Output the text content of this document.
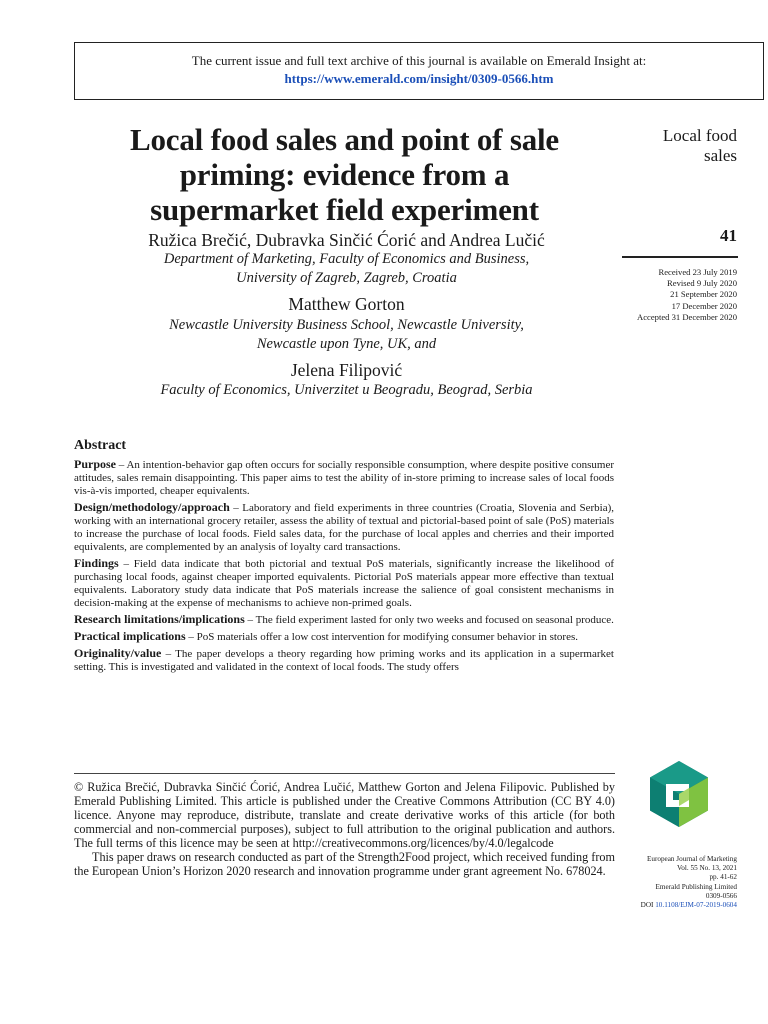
The current issue and full text archive of this journal is available on Emerald Insight at:
https://www.emerald.com/insight/0309-0566.htm
Local food sales and point of sale
priming: evidence from a
supermarket field experiment
Ružica Brečić, Dubravka Sinčić Ćorić and Andrea Lučić
Department of Marketing, Faculty of Economics and Business,
University of Zagreb, Zagreb, Croatia
Matthew Gorton
Newcastle University Business School, Newcastle University,
Newcastle upon Tyne, UK, and
Jelena Filipović
Faculty of Economics, Univerzitet u Beogradu, Beograd, Serbia
Local food
sales
41
Received 23 July 2019
Revised 9 July 2020
21 September 2020
17 December 2020
Accepted 31 December 2020
Abstract

Purpose – An intention-behavior gap often occurs for socially responsible consumption, where despite positive consumer attitudes, sales remain disappointing. This paper aims to test the ability of in-store priming to increase sales of local foods vis-à-vis imported, cheaper equivalents.

Design/methodology/approach – Laboratory and field experiments in three countries (Croatia, Slovenia and Serbia), working with an international grocery retailer, assess the ability of textual and pictorial-based point of sale (PoS) materials to increase the purchase of local foods. Field sales data, for the purchase of local apples and cherries and their imported equivalents, are complemented by an analysis of loyalty card transactions.

Findings – Field data indicate that both pictorial and textual PoS materials, significantly increase the likelihood of purchasing local foods, against cheaper imported equivalents. Pictorial PoS materials appear more effective than textual equivalents. Laboratory study data indicate that PoS materials increase the salience of goal consistent mechanisms in decision-making at the expense of mechanisms to achieve non-primed goals.

Research limitations/implications – The field experiment lasted for only two weeks and focused on seasonal produce.

Practical implications – PoS materials offer a low cost intervention for modifying consumer behavior in stores.

Originality/value – The paper develops a theory regarding how priming works and its application in a supermarket setting. This is investigated and validated in the context of local foods. The study offers

© Ružica Brečić, Dubravka Sinčić Ćorić, Andrea Lučić, Matthew Gorton and Jelena Filipovic. Published by Emerald Publishing Limited. This article is published under the Creative Commons Attribution (CC BY 4.0) licence. Anyone may reproduce, distribute, translate and create derivative works of this article (for both commercial and non-commercial purposes), subject to full attribution to the original publication and authors. The full terms of this licence may be seen at http://creativecommons.org/licences/by/4.0/legalcode

This paper draws on research conducted as part of the Strength2Food project, which received funding from the European Union’s Horizon 2020 research and innovation programme under grant agreement No. 678024.

European Journal of Marketing
Vol. 55 No. 13, 2021
pp. 41-62
Emerald Publishing Limited
0309-0566
DOI 10.1108/EJM-07-2019-0604
